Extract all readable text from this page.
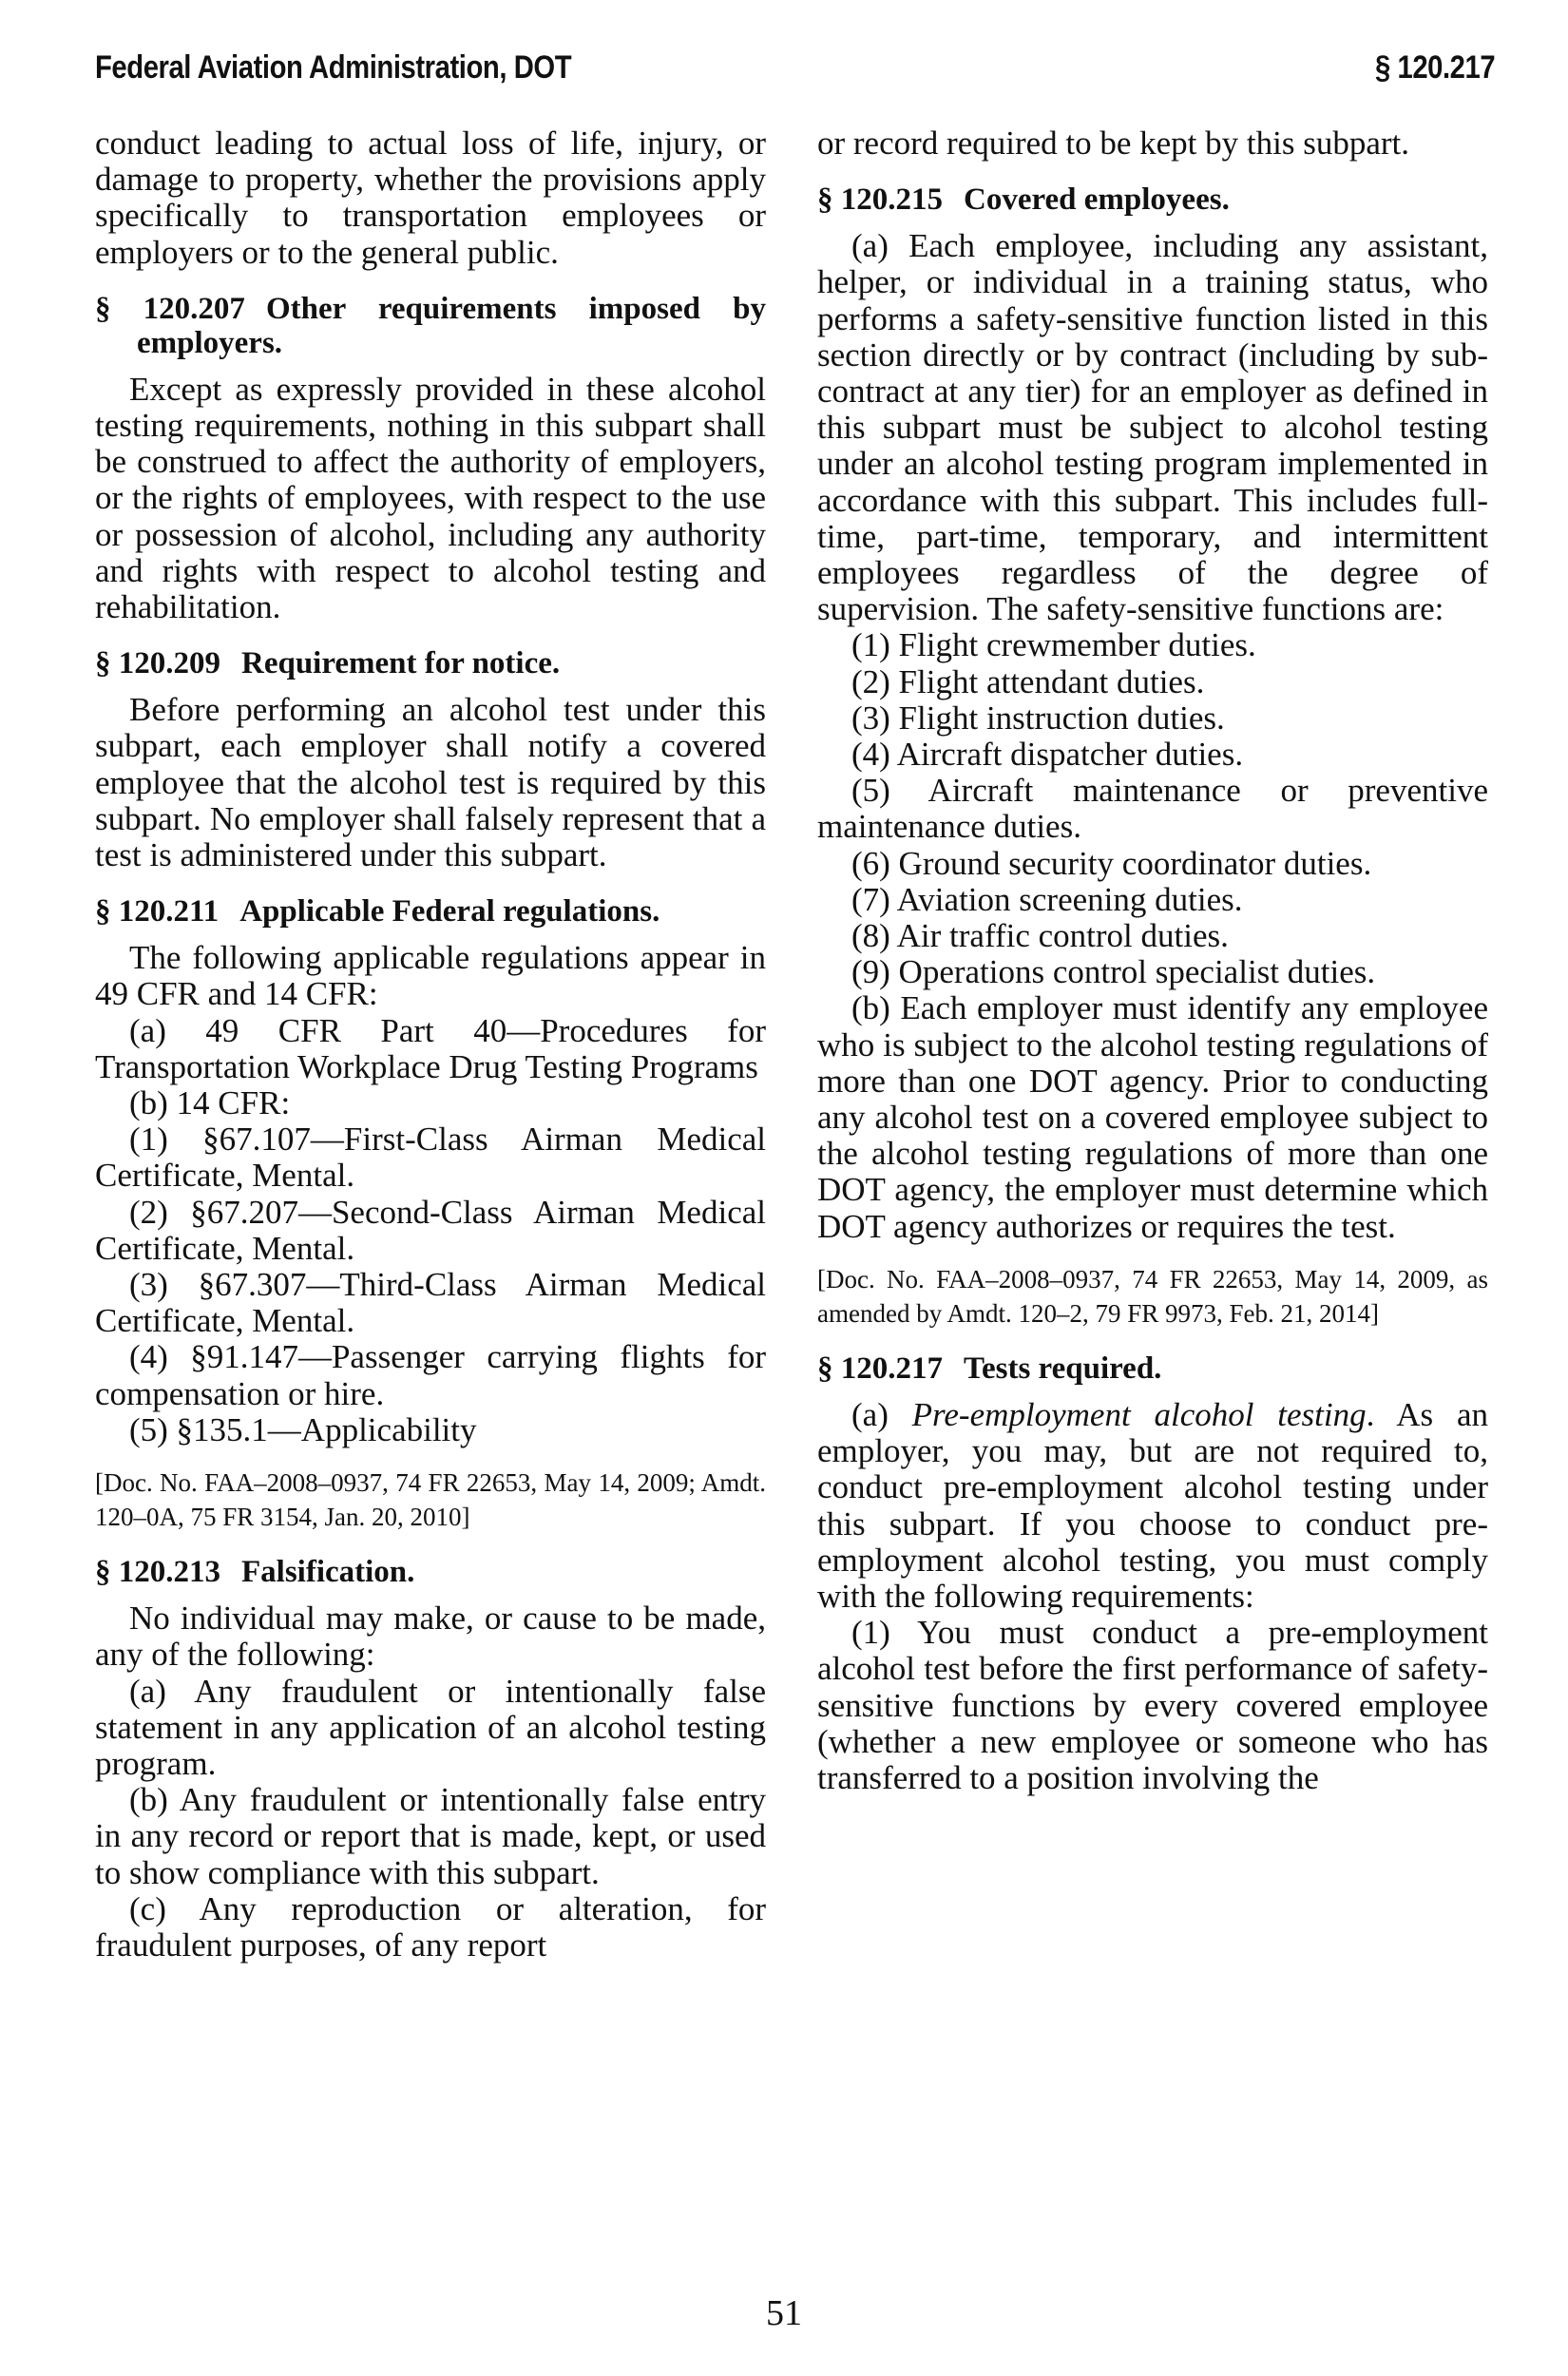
Federal Aviation Administration, DOT	§ 120.217

conduct leading to actual loss of life, injury, or damage to property, whether the provisions apply specifically to transportation employees or employers or to the general public.

§ 120.207 Other requirements imposed by employers.

Except as expressly provided in these alcohol testing requirements, nothing in this subpart shall be construed to affect the authority of employers, or the rights of employees, with respect to the use or possession of alcohol, including any authority and rights with respect to alcohol testing and rehabilitation.

§ 120.209 Requirement for notice.

Before performing an alcohol test under this subpart, each employer shall notify a covered employee that the alcohol test is required by this subpart. No employer shall falsely represent that a test is administered under this subpart.

§ 120.211 Applicable Federal regulations.

The following applicable regulations appear in 49 CFR and 14 CFR:

(a) 49 CFR Part 40—Procedures for Transportation Workplace Drug Testing Programs

(b) 14 CFR:

(1) §67.107—First-Class Airman Medical Certificate, Mental.

(2) §67.207—Second-Class Airman Medical Certificate, Mental.

(3) §67.307—Third-Class Airman Medical Certificate, Mental.

(4) §91.147—Passenger carrying flights for compensation or hire.

(5) §135.1—Applicability

[Doc. No. FAA–2008–0937, 74 FR 22653, May 14, 2009; Amdt. 120–0A, 75 FR 3154, Jan. 20, 2010]

§ 120.213 Falsification.

No individual may make, or cause to be made, any of the following:

(a) Any fraudulent or intentionally false statement in any application of an alcohol testing program.

(b) Any fraudulent or intentionally false entry in any record or report that is made, kept, or used to show compliance with this subpart.

(c) Any reproduction or alteration, for fraudulent purposes, of any report

or record required to be kept by this subpart.

§ 120.215 Covered employees.

(a) Each employee, including any assistant, helper, or individual in a training status, who performs a safety-sensitive function listed in this section directly or by contract (including by subcontract at any tier) for an employer as defined in this subpart must be subject to alcohol testing under an alcohol testing program implemented in accordance with this subpart. This includes full-time, part-time, temporary, and intermittent employees regardless of the degree of supervision. The safety-sensitive functions are:

(1) Flight crewmember duties.

(2) Flight attendant duties.

(3) Flight instruction duties.

(4) Aircraft dispatcher duties.

(5) Aircraft maintenance or preventive maintenance duties.

(6) Ground security coordinator duties.

(7) Aviation screening duties.

(8) Air traffic control duties.

(9) Operations control specialist duties.

(b) Each employer must identify any employee who is subject to the alcohol testing regulations of more than one DOT agency. Prior to conducting any alcohol test on a covered employee subject to the alcohol testing regulations of more than one DOT agency, the employer must determine which DOT agency authorizes or requires the test.

[Doc. No. FAA–2008–0937, 74 FR 22653, May 14, 2009, as amended by Amdt. 120–2, 79 FR 9973, Feb. 21, 2014]

§ 120.217 Tests required.

(a) Pre-employment alcohol testing. As an employer, you may, but are not required to, conduct pre-employment alcohol testing under this subpart. If you choose to conduct pre-employment alcohol testing, you must comply with the following requirements:

(1) You must conduct a pre-employment alcohol test before the first performance of safety-sensitive functions by every covered employee (whether a new employee or someone who has transferred to a position involving the

51
